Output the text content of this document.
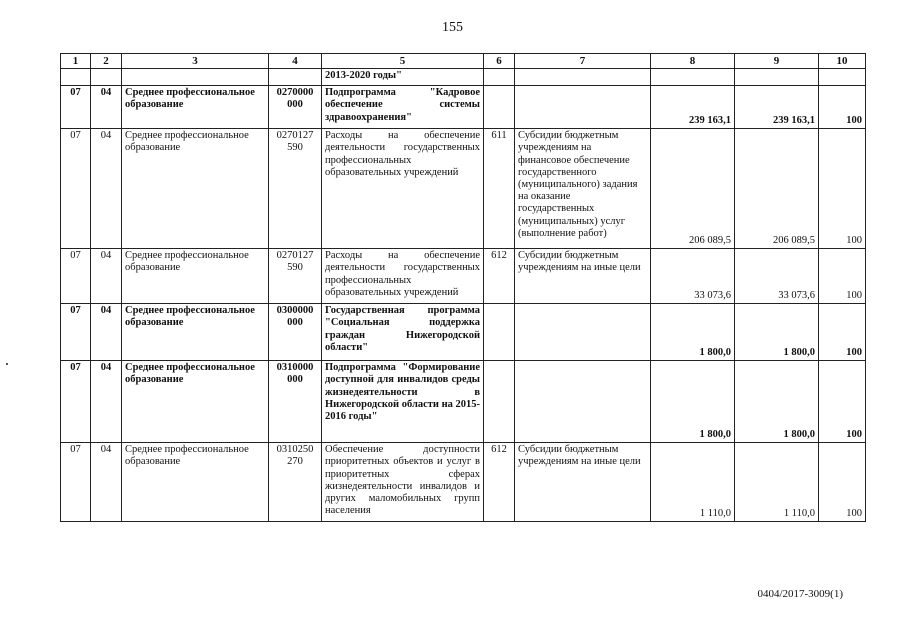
155
1	2	3	4	5	6	7	8	9	10
				2013-2020 годы"					
07	04	Среднее профессиональное образование	0270000 000	Подпрограмма "Кадровое обеспечение системы здравоохранения"			239 163,1	239 163,1	100
07	04	Среднее профессиональное образование	0270127 590	Расходы на обеспечение деятельности государственных профессиональных образовательных учреждений	611	Субсидии бюджетным учреждениям на финансовое обеспечение государственного (муниципального) задания на оказание государственных (муниципальных) услуг (выполнение работ)	206 089,5	206 089,5	100
07	04	Среднее профессиональное образование	0270127 590	Расходы на обеспечение деятельности государственных профессиональных образовательных учреждений	612	Субсидии бюджетным учреждениям на иные цели	33 073,6	33 073,6	100
07	04	Среднее профессиональное образование	0300000 000	Государственная программа "Социальная поддержка граждан Нижегородской области"			1 800,0	1 800,0	100
07	04	Среднее профессиональное образование	0310000 000	Подпрограмма "Формирование доступной для инвалидов среды жизнедеятельности в Нижегородской области на 2015-2016 годы"			1 800,0	1 800,0	100
07	04	Среднее профессиональное образование	0310250 270	Обеспечение доступности приоритетных объектов и услуг в приоритетных сферах жизнедеятельности инвалидов и других маломобильных групп населения	612	Субсидии бюджетным учреждениям на иные цели	1 110,0	1 110,0	100
0404/2017-3009(1)
